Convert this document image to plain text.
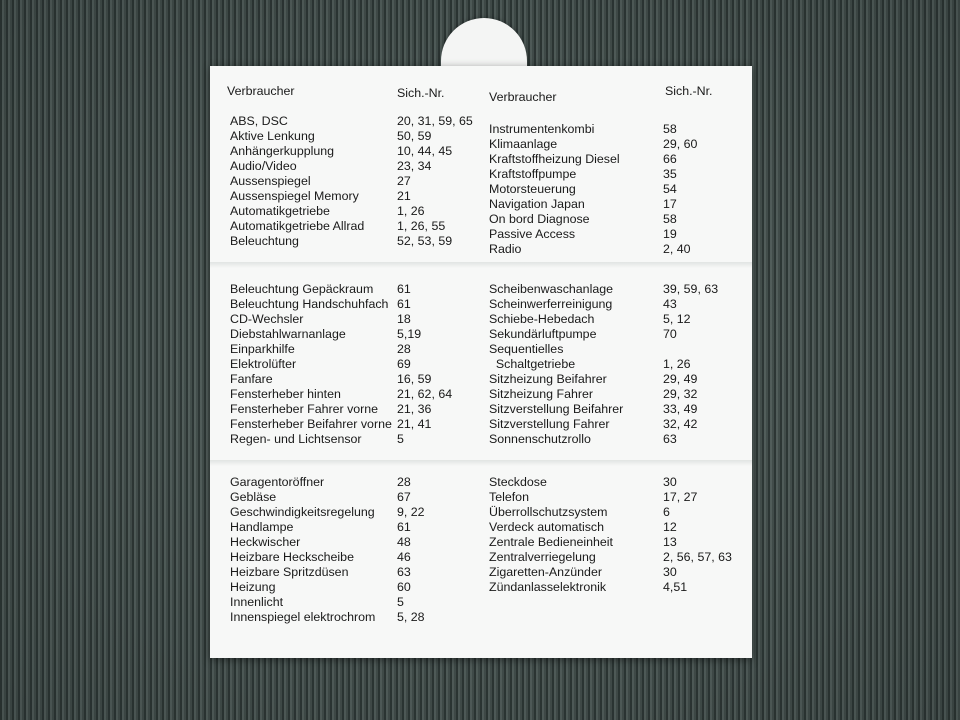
Verbraucher	Sich.-Nr.	Verbraucher	Sich.-Nr.
ABS, DSC	20, 31, 59, 65
Aktive Lenkung	50, 59
Anhängerkupplung	10, 44, 45
Audio/Video	23, 34
Aussenspiegel	27
Aussenspiegel Memory	21
Automatikgetriebe	1, 26
Automatikgetriebe Allrad	1, 26, 55
Beleuchtung	52, 53, 59
Instrumentenkombi	58
Klimaanlage	29, 60
Kraftstoffheizung Diesel	66
Kraftstoffpumpe	35
Motorsteuerung	54
Navigation Japan	17
On bord Diagnose	58
Passive Access	19
Radio	2, 40
Beleuchtung Gepäckraum 61
Beleuchtung Handschuhfach 61
CD-Wechsler	18
Diebstahlwarnanlage	5,19
Einparkhilfe	28
Elektrolüfter	69
Fanfare	16, 59
Fensterheber hinten	21, 62, 64
Fensterheber Fahrer vorne 21, 36
Fensterheber Beifahrer vorne 21, 41
Regen- und Lichtsensor	5
Scheibenwaschanlage	39, 59, 63
Scheinwerferreinigung	43
Schiebe-Hebedach	5, 12
Sekundärluftpumpe	70
Sequentielles
Schaltgetriebe	1, 26
Sitzheizung Beifahrer	29, 49
Sitzheizung Fahrer	29, 32
Sitzverstellung Beifahrer	33, 49
Sitzverstellung Fahrer	32, 42
Sonnenschutzrollo	63
Garagentoröffner	28
Gebläse	67
Geschwindigkeitsregelung 9, 22
Handlampe	61
Heckwischer	48
Heizbare Heckscheibe	46
Heizbare Spritzdüsen	63
Heizung	60
Innenlicht	5
Innenspiegel elektrochrom 5, 28
Steckdose	30
Telefon	17, 27
Überrollschutzsystem	6
Verdeck automatisch	12
Zentrale Bedieneinheit	13
Zentralverriegelung	2, 56, 57, 63
Zigaretten-Anzünder	30
Zündanlasselektronik	4,51
